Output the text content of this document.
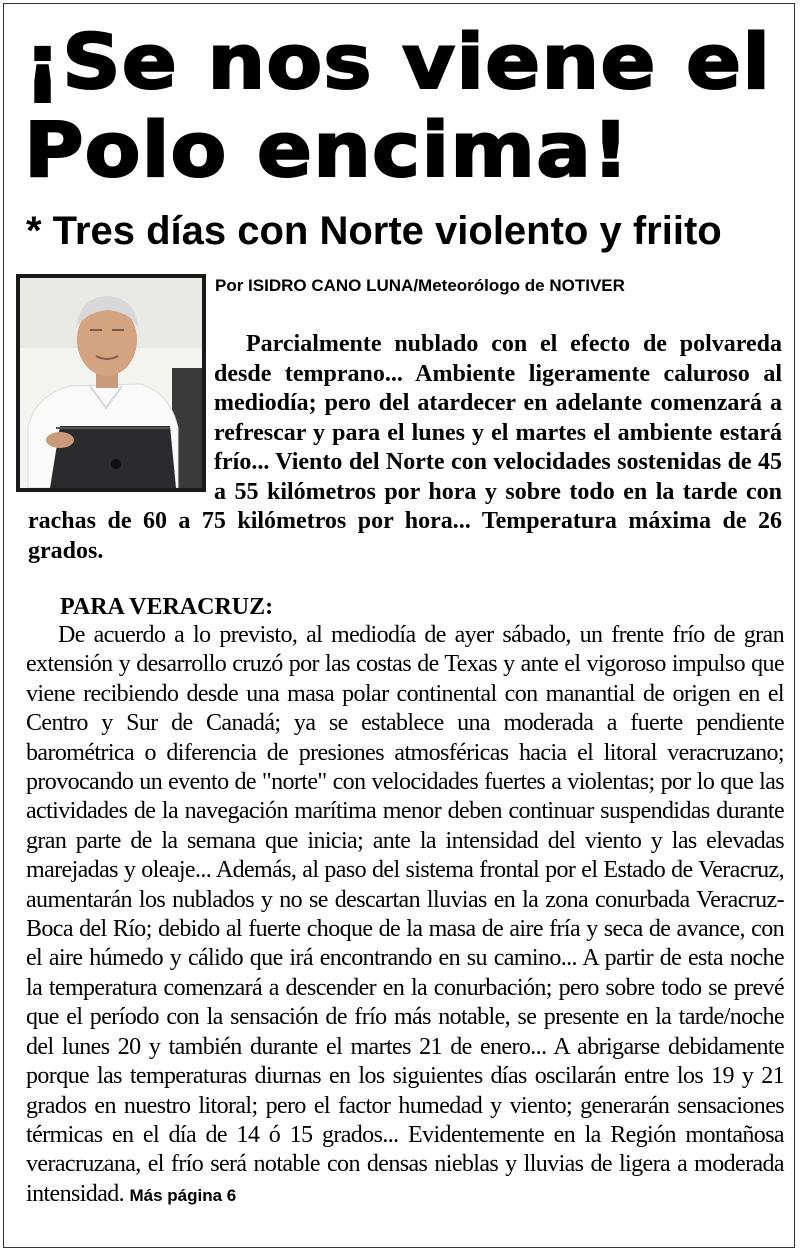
¡Se nos viene el Polo encima!
* Tres días con Norte violento y friito

Por ISIDRO CANO LUNA/Meteorólogo de NOTIVER

Parcialmente nublado con el efecto de polvareda desde temprano... Ambiente ligeramente caluroso al mediodía; pero del atardecer en adelante comenzará a refrescar y para el lunes y el martes el ambiente estará frío... Viento del Norte con velocidades sostenidas de 45 a 55 kilómetros por hora y sobre todo en la tarde con rachas de 60 a 75 kilómetros por hora... Temperatura máxima de 26 grados.

PARA VERACRUZ:

De acuerdo a lo previsto, al mediodía de ayer sábado, un frente frío de gran extensión y desarrollo cruzó por las costas de Texas y ante el vigoroso impulso que viene recibiendo desde una masa polar continental con manantial de origen en el Centro y Sur de Canadá; ya se establece una moderada a fuerte pendiente barométrica o diferencia de presiones atmosféricas hacia el litoral veracruzano; provocando un evento de "norte" con velocidades fuertes a violentas; por lo que las actividades de la navegación marítima menor deben continuar suspendidas durante gran parte de la semana que inicia; ante la intensidad del viento y las elevadas marejadas y oleaje... Además, al paso del sistema frontal por el Estado de Veracruz, aumentarán los nublados y no se descartan lluvias en la zona conurbada Veracruz-Boca del Río; debido al fuerte choque de la masa de aire fría y seca de avance, con el aire húmedo y cálido que irá encontrando en su camino... A partir de esta noche la temperatura comenzará a descender en la conurbación; pero sobre todo se prevé que el período con la sensación de frío más notable, se presente en la tarde/noche del lunes 20 y también durante el martes 21 de enero... A abrigarse debidamente porque las temperaturas diurnas en los siguientes días oscilarán entre los 19 y 21 grados en nuestro litoral; pero el factor humedad y viento; generarán sensaciones térmicas en el día de 14 ó 15 grados... Evidentemente en la Región montañosa veracruzana, el frío será notable con densas nieblas y lluvias de ligera a moderada intensidad. Más página 6
